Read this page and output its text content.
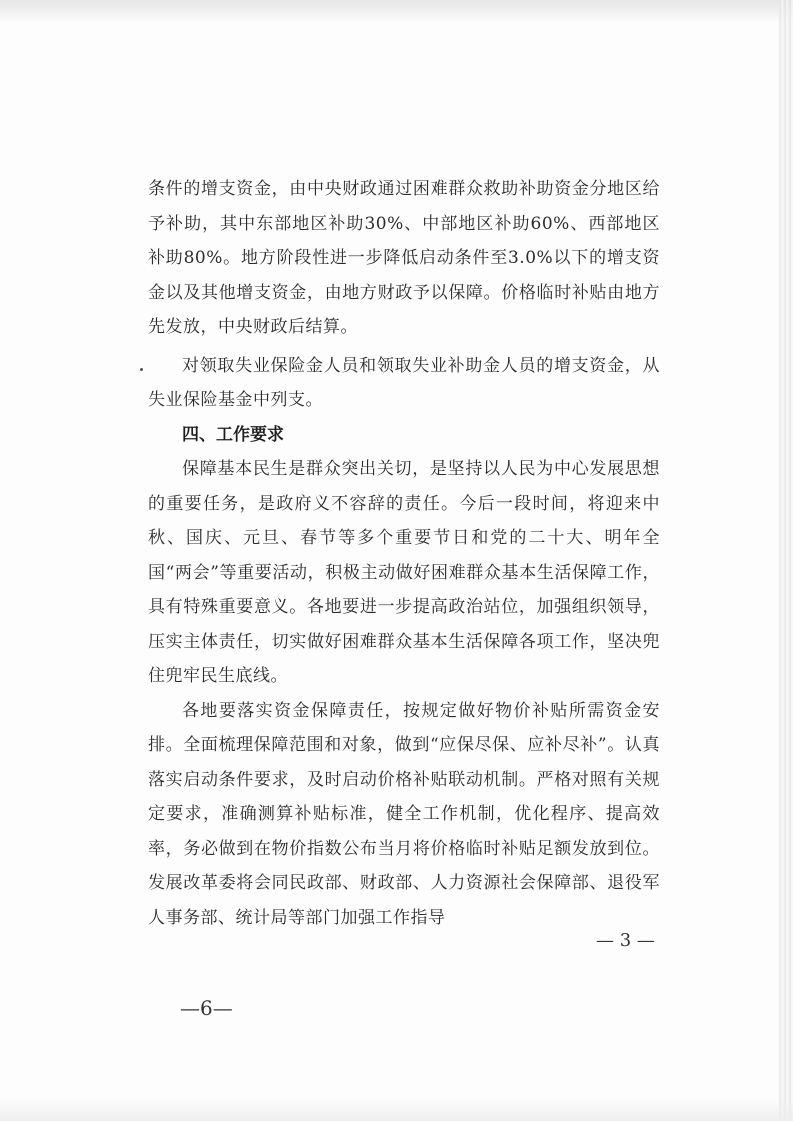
条件的增支资金，由中央财政通过困难群众救助补助资金分地区给予补助，其中东部地区补助30%、中部地区补助60%、西部地区补助80%。地方阶段性进一步降低启动条件至3.0%以下的增支资金以及其他增支资金，由地方财政予以保障。价格临时补贴由地方先发放，中央财政后结算。

对领取失业保险金人员和领取失业补助金人员的增支资金，从失业保险基金中列支。

四、工作要求

保障基本民生是群众突出关切，是坚持以人民为中心发展思想的重要任务，是政府义不容辞的责任。今后一段时间，将迎来中秋、国庆、元旦、春节等多个重要节日和党的二十大、明年全国“两会”等重要活动，积极主动做好困难群众基本生活保障工作，具有特殊重要意义。各地要进一步提高政治站位，加强组织领导，压实主体责任，切实做好困难群众基本生活保障各项工作，坚决兜住兜牢民生底线。

各地要落实资金保障责任，按规定做好物价补贴所需资金安排。全面梳理保障范围和对象，做到“应保尽保、应补尽补”。认真落实启动条件要求，及时启动价格补贴联动机制。严格对照有关规定要求，准确测算补贴标准，健全工作机制，优化程序、提高效率，务必做到在物价指数公布当月将价格临时补贴足额发放到位。发展改革委将会同民政部、财政部、人力资源社会保障部、退役军人事务部、统计局等部门加强工作指导

— 3 —
—6—
